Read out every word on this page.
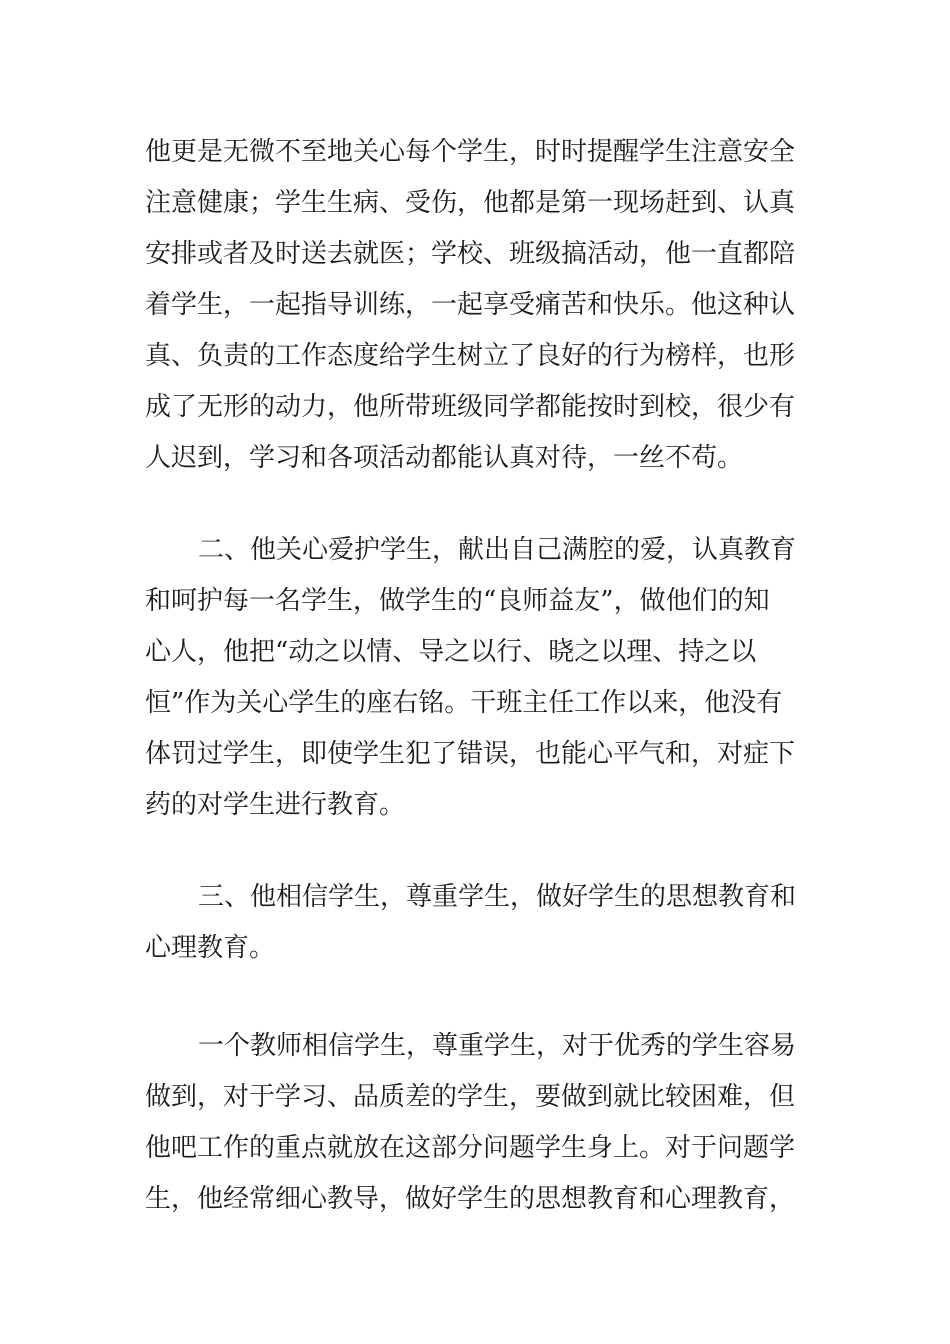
他更是无微不至地关心每个学生，时时提醒学生注意安全
注意健康；学生生病、受伤，他都是第一现场赶到、认真
安排或者及时送去就医；学校、班级搞活动，他一直都陪
着学生，一起指导训练，一起享受痛苦和快乐。他这种认
真、负责的工作态度给学生树立了良好的行为榜样，也形
成了无形的动力，他所带班级同学都能按时到校，很少有
人迟到，学习和各项活动都能认真对待，一丝不苟。
二、他关心爱护学生，献出自己满腔的爱，认真教育
和呵护每一名学生，做学生的“良师益友”，做他们的知
心人，他把“动之以情、导之以行、晓之以理、持之以
恒”作为关心学生的座右铭。干班主任工作以来，他没有
体罚过学生，即使学生犯了错误，也能心平气和，对症下
药的对学生进行教育。
三、他相信学生，尊重学生，做好学生的思想教育和
心理教育。
一个教师相信学生，尊重学生，对于优秀的学生容易
做到，对于学习、品质差的学生，要做到就比较困难，但
他吧工作的重点就放在这部分问题学生身上。对于问题学
生，他经常细心教导，做好学生的思想教育和心理教育，
